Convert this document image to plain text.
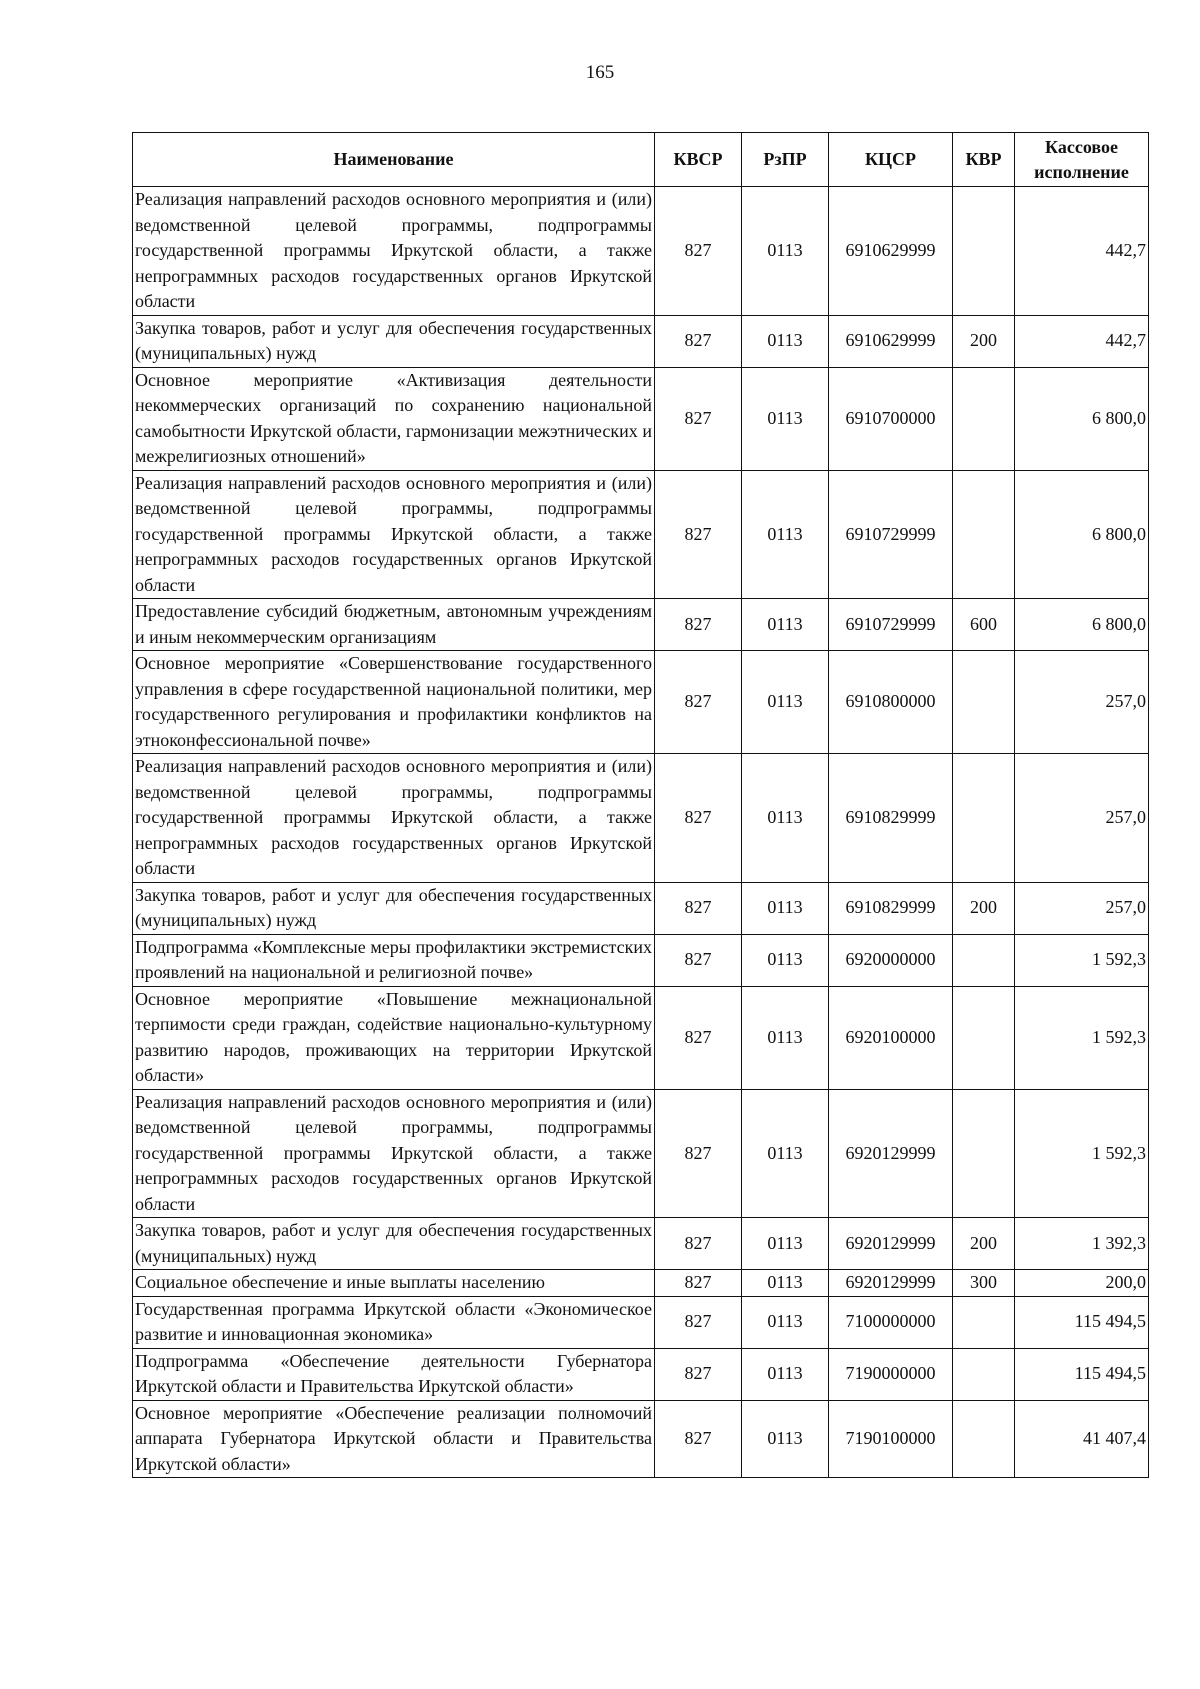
165
Наименование	КВСР	РзПР	КЦСР	КВР	Кассовое исполнение
Реализация направлений расходов основного мероприятия и (или) ведомственной целевой программы, подпрограммы государственной программы Иркутской области, а также непрограммных расходов государственных органов Иркутской области	827	0113	6910629999		442,7
Закупка товаров, работ и услуг для обеспечения государственных (муниципальных) нужд	827	0113	6910629999	200	442,7
Основное мероприятие «Активизация деятельности некоммерческих организаций по сохранению национальной самобытности Иркутской области, гармонизации межэтнических и межрелигиозных отношений»	827	0113	6910700000		6 800,0
Реализация направлений расходов основного мероприятия и (или) ведомственной целевой программы, подпрограммы государственной программы Иркутской области, а также непрограммных расходов государственных органов Иркутской области	827	0113	6910729999		6 800,0
Предоставление субсидий бюджетным, автономным учреждениям и иным некоммерческим организациям	827	0113	6910729999	600	6 800,0
Основное мероприятие «Совершенствование государственного управления в сфере государственной национальной политики, мер государственного регулирования и профилактики конфликтов на этноконфессиональной почве»	827	0113	6910800000		257,0
Реализация направлений расходов основного мероприятия и (или) ведомственной целевой программы, подпрограммы государственной программы Иркутской области, а также непрограммных расходов государственных органов Иркутской области	827	0113	6910829999		257,0
Закупка товаров, работ и услуг для обеспечения государственных (муниципальных) нужд	827	0113	6910829999	200	257,0
Подпрограмма «Комплексные меры профилактики экстремистских проявлений на национальной и религиозной почве»	827	0113	6920000000		1 592,3
Основное мероприятие «Повышение межнациональной терпимости среди граждан, содействие национально-культурному развитию народов, проживающих на территории Иркутской области»	827	0113	6920100000		1 592,3
Реализация направлений расходов основного мероприятия и (или) ведомственной целевой программы, подпрограммы государственной программы Иркутской области, а также непрограммных расходов государственных органов Иркутской области	827	0113	6920129999		1 592,3
Закупка товаров, работ и услуг для обеспечения государственных (муниципальных) нужд	827	0113	6920129999	200	1 392,3
Социальное обеспечение и иные выплаты населению	827	0113	6920129999	300	200,0
Государственная программа Иркутской области «Экономическое развитие и инновационная экономика»	827	0113	7100000000		115 494,5
Подпрограмма «Обеспечение деятельности Губернатора Иркутской области и Правительства Иркутской области»	827	0113	7190000000		115 494,5
Основное мероприятие «Обеспечение реализации полномочий аппарата Губернатора Иркутской области и Правительства Иркутской области»	827	0113	7190100000		41 407,4
